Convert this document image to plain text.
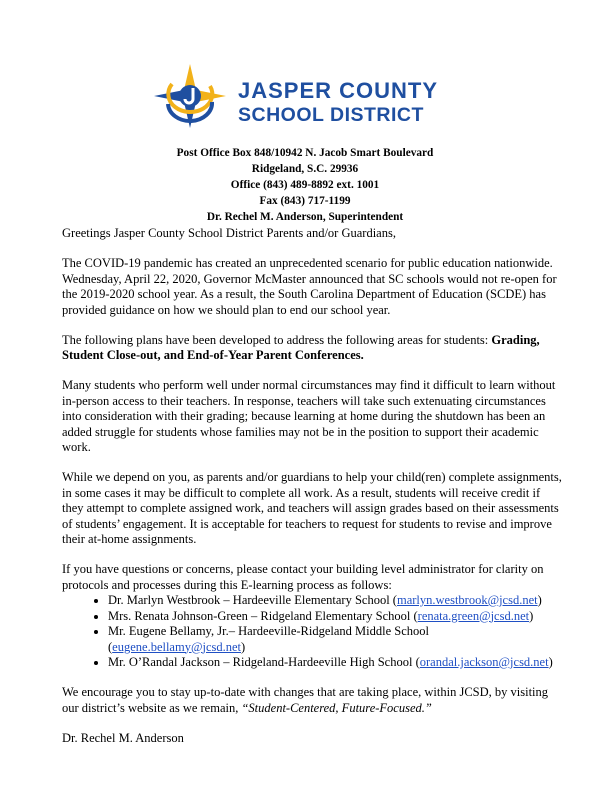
JASPER COUNTY
SCHOOL DISTRICT
Post Office Box 848/10942 N. Jacob Smart Boulevard
Ridgeland, S.C. 29936
Office (843) 489-8892 ext. 1001
Fax (843) 717-1199
Dr. Rechel M. Anderson, Superintendent

Greetings Jasper County School District Parents and/or Guardians,

The COVID-19 pandemic has created an unprecedented scenario for public education nationwide. Wednesday, April 22, 2020, Governor McMaster announced that SC schools would not re-open for the 2019-2020 school year. As a result, the South Carolina Department of Education (SCDE) has provided guidance on how we should plan to end our school year.

The following plans have been developed to address the following areas for students: Grading, Student Close-out, and End-of-Year Parent Conferences.

Many students who perform well under normal circumstances may find it difficult to learn without in-person access to their teachers. In response, teachers will take such extenuating circumstances into consideration with their grading; because learning at home during the shutdown has been an added struggle for students whose families may not be in the position to support their academic work.

While we depend on you, as parents and/or guardians to help your child(ren) complete assignments, in some cases it may be difficult to complete all work. As a result, students will receive credit if they attempt to complete assigned work, and teachers will assign grades based on their assessments of students’ engagement. It is acceptable for teachers to request for students to revise and improve their at-home assignments.

If you have questions or concerns, please contact your building level administrator for clarity on protocols and processes during this E-learning process as follows:

• Dr. Marlyn Westbrook – Hardeeville Elementary School (marlyn.westbrook@jcsd.net)
• Mrs. Renata Johnson-Green – Ridgeland Elementary School (renata.green@jcsd.net)
• Mr. Eugene Bellamy, Jr.– Hardeeville-Ridgeland Middle School (eugene.bellamy@jcsd.net)
• Mr. O’Randal Jackson – Ridgeland-Hardeeville High School (orandal.jackson@jcsd.net)

We encourage you to stay up-to-date with changes that are taking place, within JCSD, by visiting our district’s website as we remain, “Student-Centered, Future-Focused.”

Dr. Rechel M. Anderson
